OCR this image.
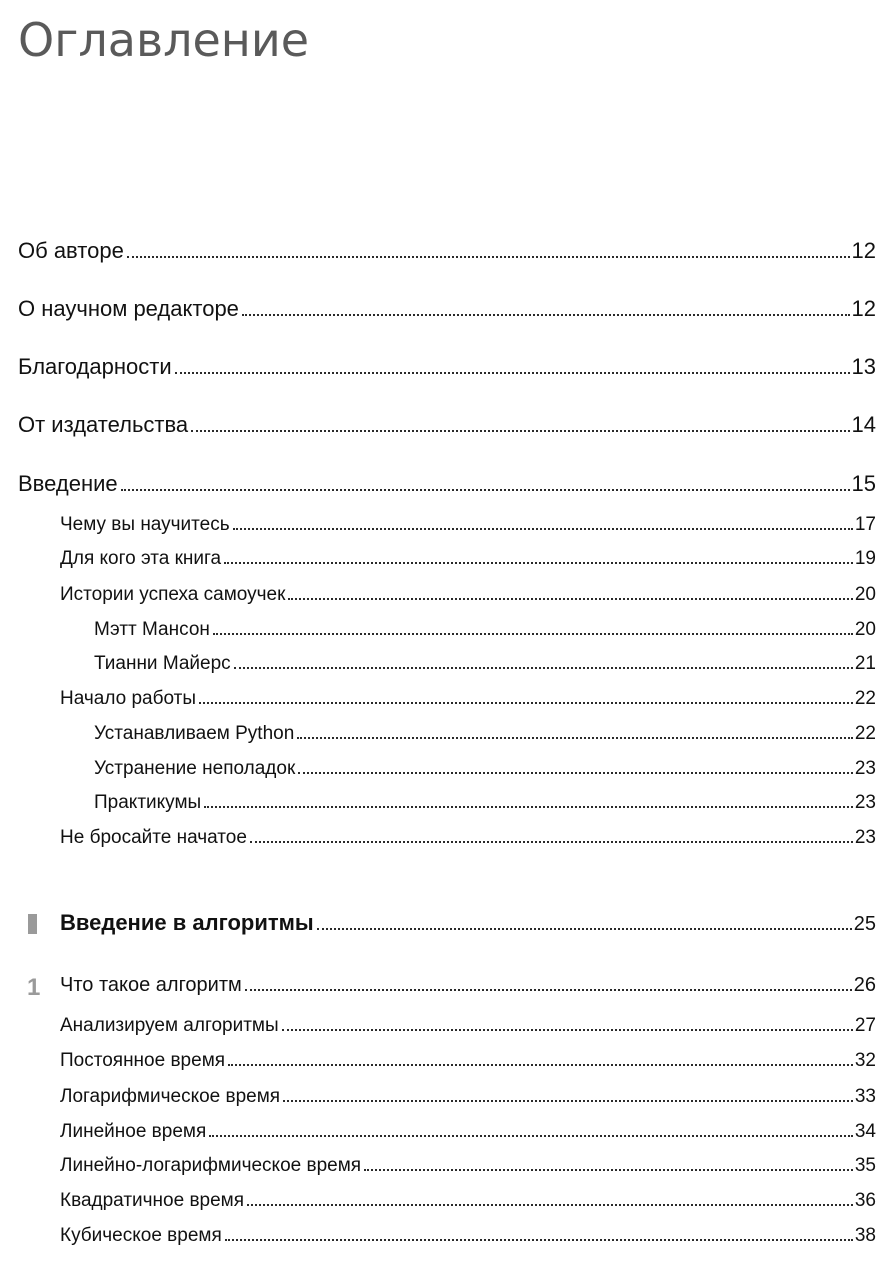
Оглавление
Об авторе	12
О научном редакторе	12
Благодарности	13
От издательства	14
Введение	15
Чему вы научитесь	17
Для кого эта книга	19
Истории успеха самоучек	20
Мэтт Мансон	20
Тианни Майерс	21
Начало работы	22
Устанавливаем Python	22
Устранение неполадок	23
Практикумы	23
Не бросайте начатое	23
Введение в алгоритмы	25
1 Что такое алгоритм	26
Анализируем алгоритмы	27
Постоянное время	32
Логарифмическое время	33
Линейное время	34
Линейно-логарифмическое время	35
Квадратичное время	36
Кубическое время	38
